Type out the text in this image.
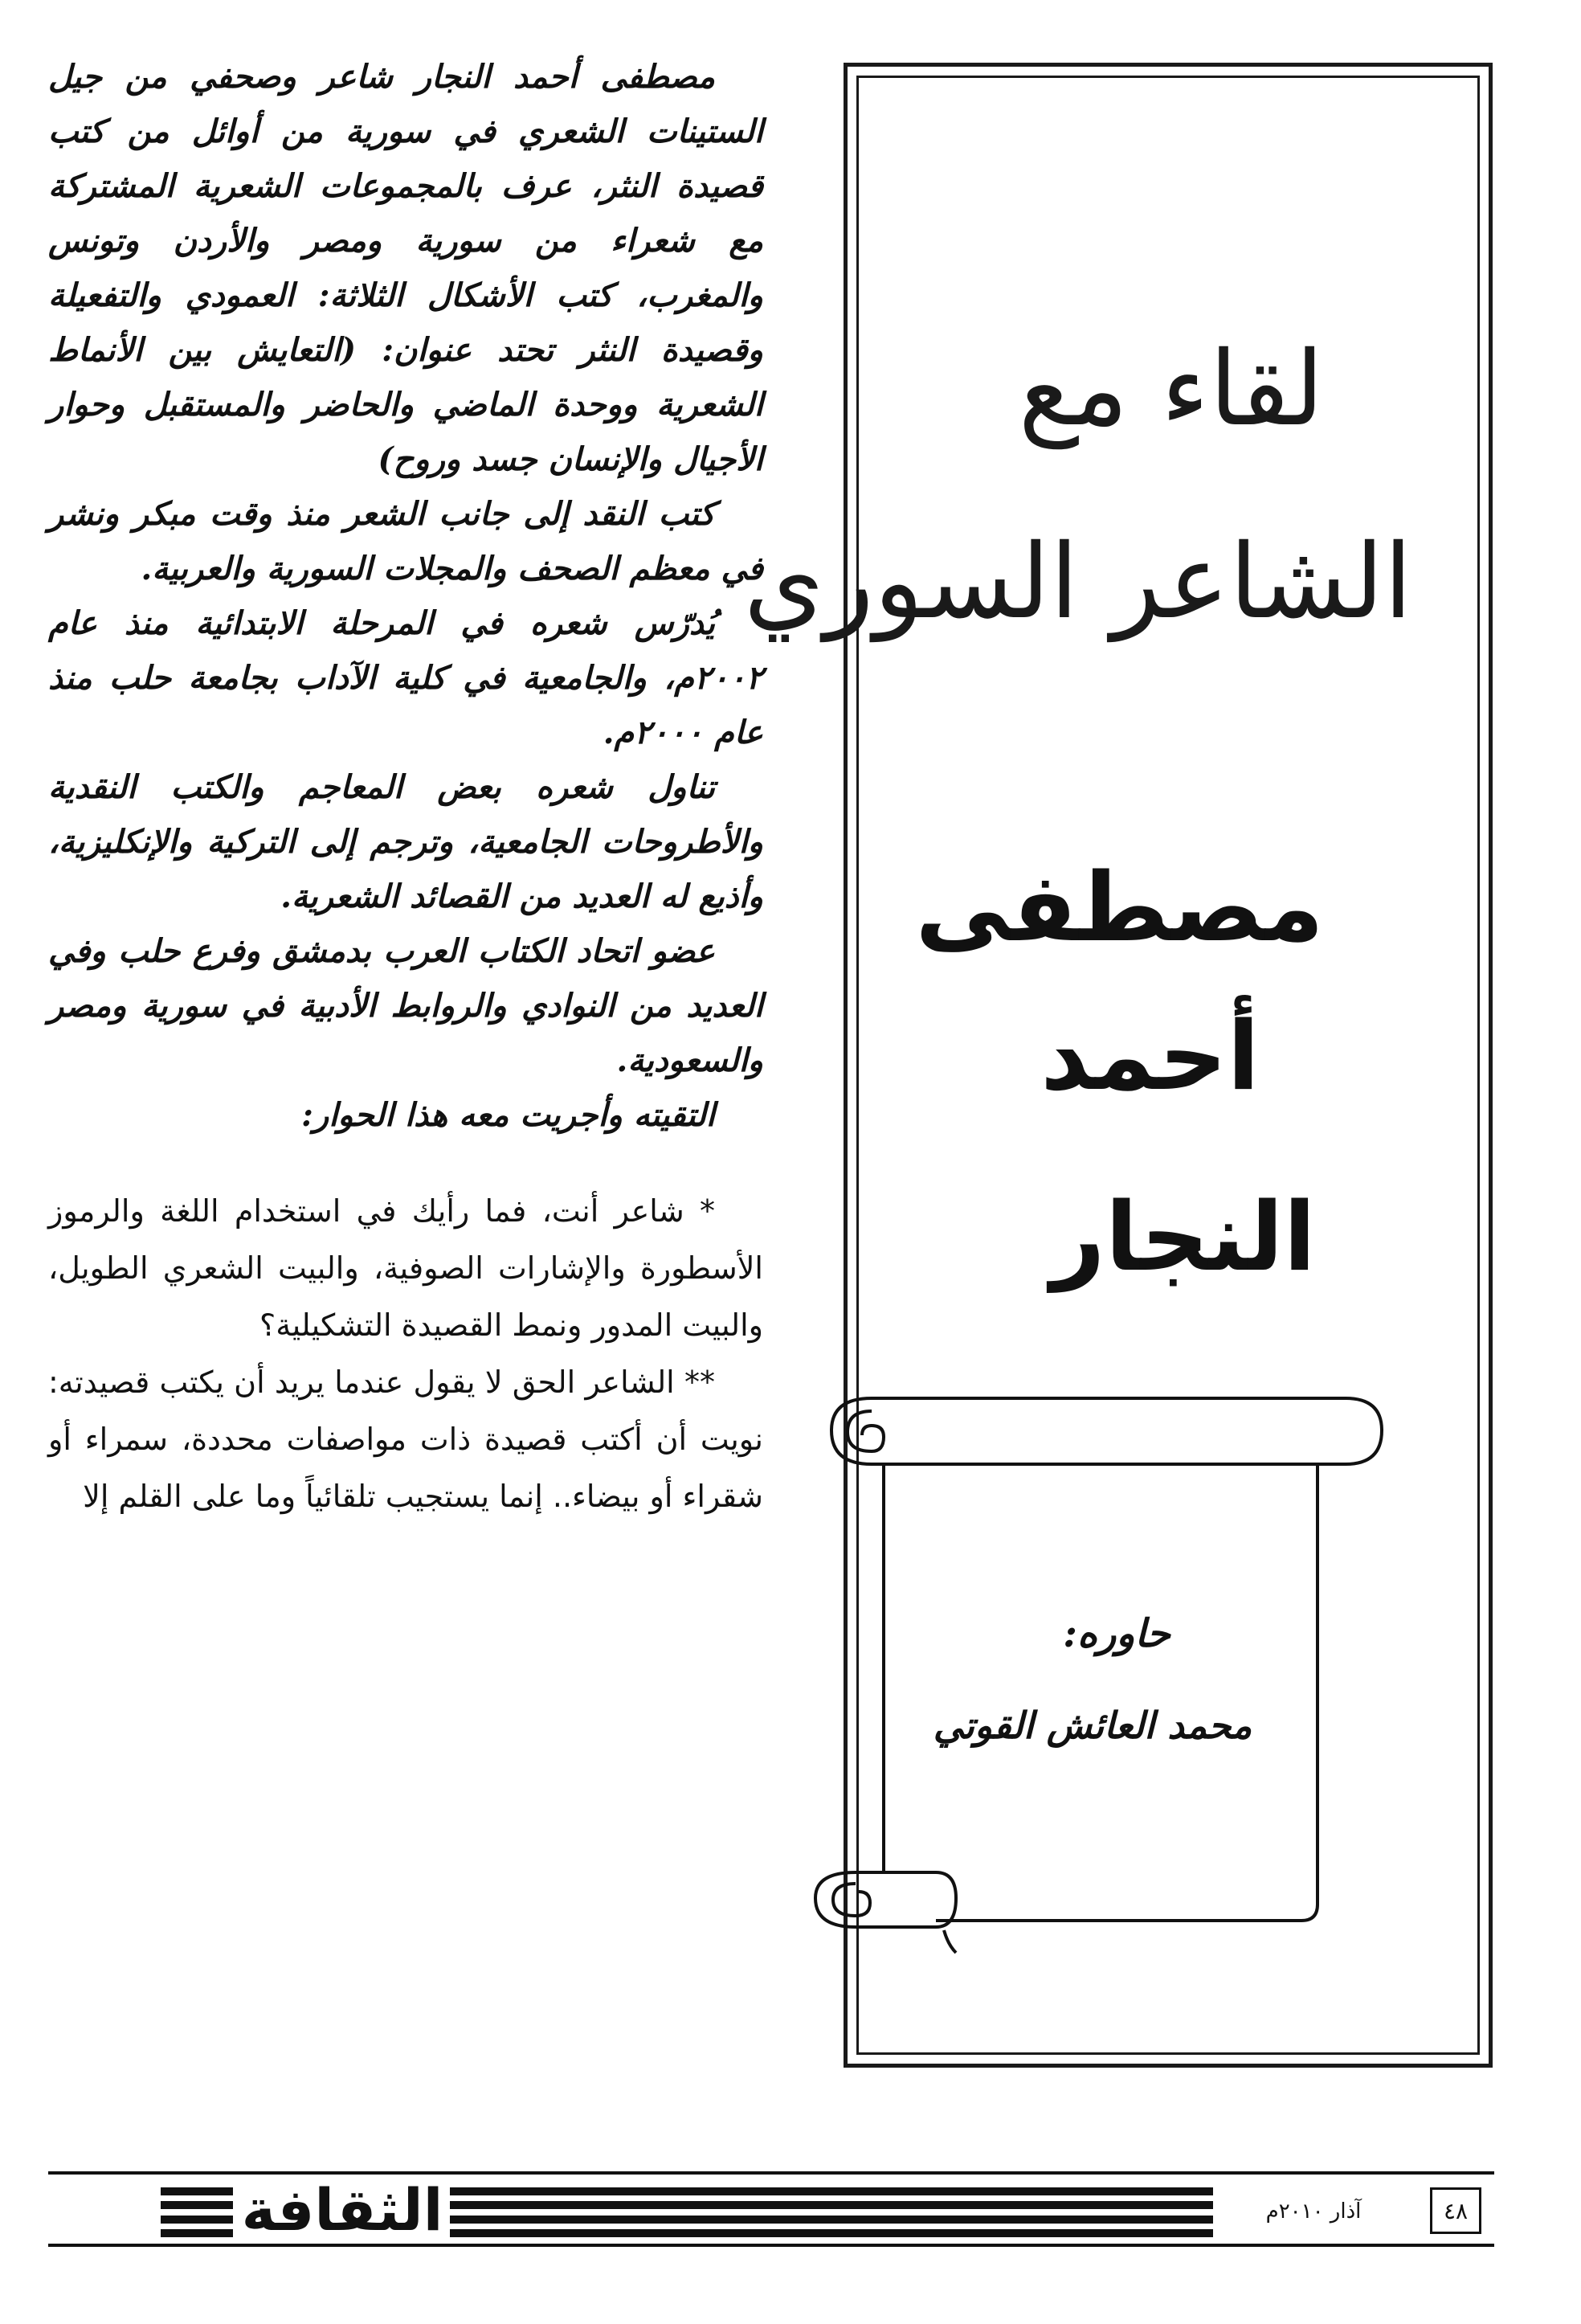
لقاء مع
الشاعر السوري
مصطفى
أحمد
النجار
حاوره:
محمد العائش القوتي

مصطفى أحمد النجار شاعر وصحفي من جيل الستينات الشعري في سورية من أوائل من كتب قصيدة النثر، عرف بالمجموعات الشعرية المشتركة مع شعراء من سورية ومصر والأردن وتونس والمغرب، كتب الأشكال الثلاثة: العمودي والتفعيلة وقصيدة النثر تحتد عنوان: (التعايش بين الأنماط الشعرية ووحدة الماضي والحاضر والمستقبل وحوار الأجيال والإنسان جسد وروح)

كتب النقد إلى جانب الشعر منذ وقت مبكر ونشر في معظم الصحف والمجلات السورية والعربية.

يُدرّس شعره في المرحلة الابتدائية منذ عام ٢٠٠٢م، والجامعية في كلية الآداب بجامعة حلب منذ عام ٢٠٠٠م.

تناول شعره بعض المعاجم والكتب النقدية والأطروحات الجامعية، وترجم إلى التركية والإنكليزية، وأذيع له العديد من القصائد الشعرية.

عضو اتحاد الكتاب العرب بدمشق وفرع حلب وفي العديد من النوادي والروابط الأدبية في سورية ومصر والسعودية.

التقيته وأجريت معه هذا الحوار:

* شاعر أنت، فما رأيك في استخدام اللغة والرموز الأسطورة والإشارات الصوفية، والبيت الشعري الطويل، والبيت المدور ونمط القصيدة التشكيلية؟

** الشاعر الحق لا يقول عندما يريد أن يكتب قصيدته: نويت أن أكتب قصيدة ذات مواصفات محددة، سمراء أو شقراء أو بيضاء.. إنما يستجيب تلقائياً وما على القلم إلا

الثقافة	آذار ٢٠١٠م	٤٨
